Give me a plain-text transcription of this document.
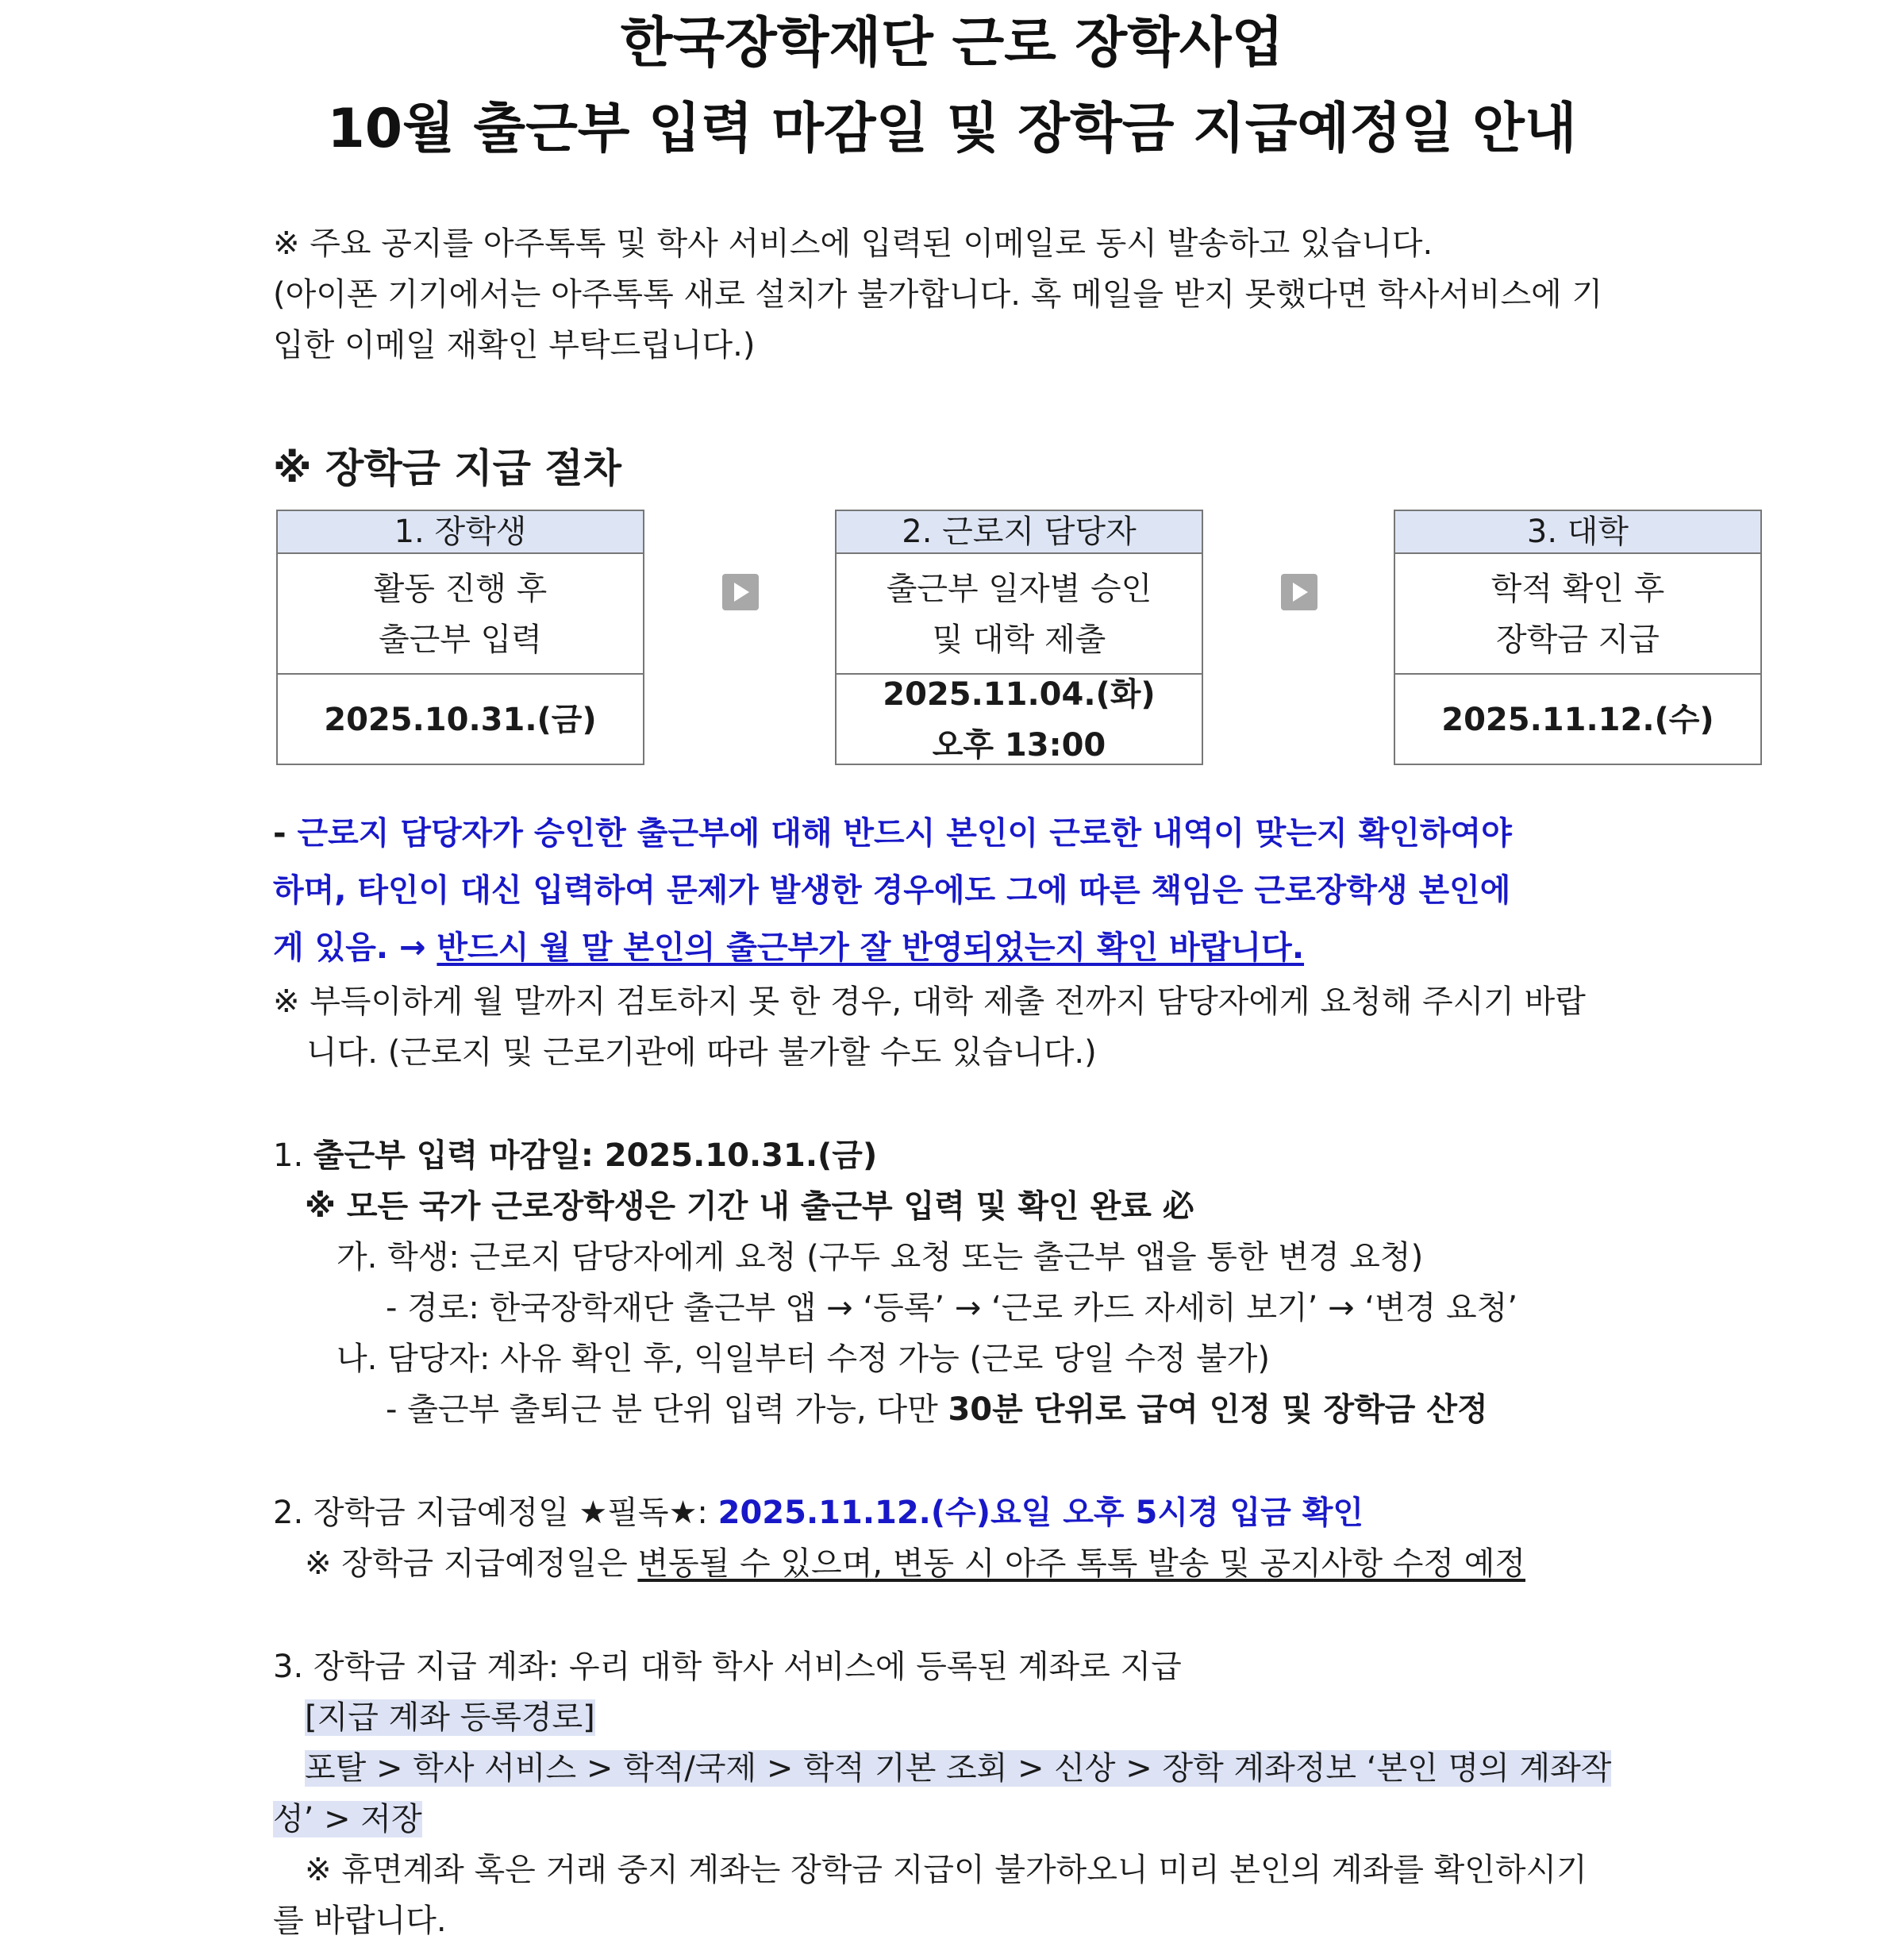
한국장학재단 근로 장학사업
10월 출근부 입력 마감일 및 장학금 지급예정일 안내

※ 주요 공지를 아주톡톡 및 학사 서비스에 입력된 이메일로 동시 발송하고 있습니다.

(아이폰 기기에서는 아주톡톡 새로 설치가 불가합니다. 혹 메일을 받지 못했다면 학사서비스에 기

입한 이메일 재확인 부탁드립니다.)

※ 장학금 지급 절차
1. 장학생
활동 진행 후
출근부 입력
2025.10.31.(금)
2. 근로지 담당자
출근부 일자별 승인
및 대학 제출
2025.11.04.(화)
오후 13:00
3. 대학
학적 확인 후
장학금 지급
2025.11.12.(수)

- 근로지 담당자가 승인한 출근부에 대해 반드시 본인이 근로한 내역이 맞는지 확인하여야

하며, 타인이 대신 입력하여 문제가 발생한 경우에도 그에 따른 책임은 근로장학생 본인에

게 있음. → 반드시 월 말 본인의 출근부가 잘 반영되었는지 확인 바랍니다.

※ 부득이하게 월 말까지 검토하지 못 한 경우, 대학 제출 전까지 담당자에게 요청해 주시기 바랍

니다. (근로지 및 근로기관에 따라 불가할 수도 있습니다.)

1. 출근부 입력 마감일: 2025.10.31.(금)

※ 모든 국가 근로장학생은 기간 내 출근부 입력 및 확인 완료 必

가. 학생: 근로지 담당자에게 요청 (구두 요청 또는 출근부 앱을 통한 변경 요청)

- 경로: 한국장학재단 출근부 앱 → ‘등록’ → ‘근로 카드 자세히 보기’ → ‘변경 요청’

나. 담당자: 사유 확인 후, 익일부터 수정 가능 (근로 당일 수정 불가)

- 출근부 출퇴근 분 단위 입력 가능, 다만 30분 단위로 급여 인정 및 장학금 산정

2. 장학금 지급예정일 ★필독★: 2025.11.12.(수)요일 오후 5시경 입금 확인

※ 장학금 지급예정일은 변동될 수 있으며, 변동 시 아주 톡톡 발송 및 공지사항 수정 예정

3. 장학금 지급 계좌: 우리 대학 학사 서비스에 등록된 계좌로 지급

[지급 계좌 등록경로]

포탈 > 학사 서비스 > 학적/국제 > 학적 기본 조회 > 신상 > 장학 계좌정보 ‘본인 명의 계좌작

성’ > 저장

※ 휴면계좌 혹은 거래 중지 계좌는 장학금 지급이 불가하오니 미리 본인의 계좌를 확인하시기

를 바랍니다.
